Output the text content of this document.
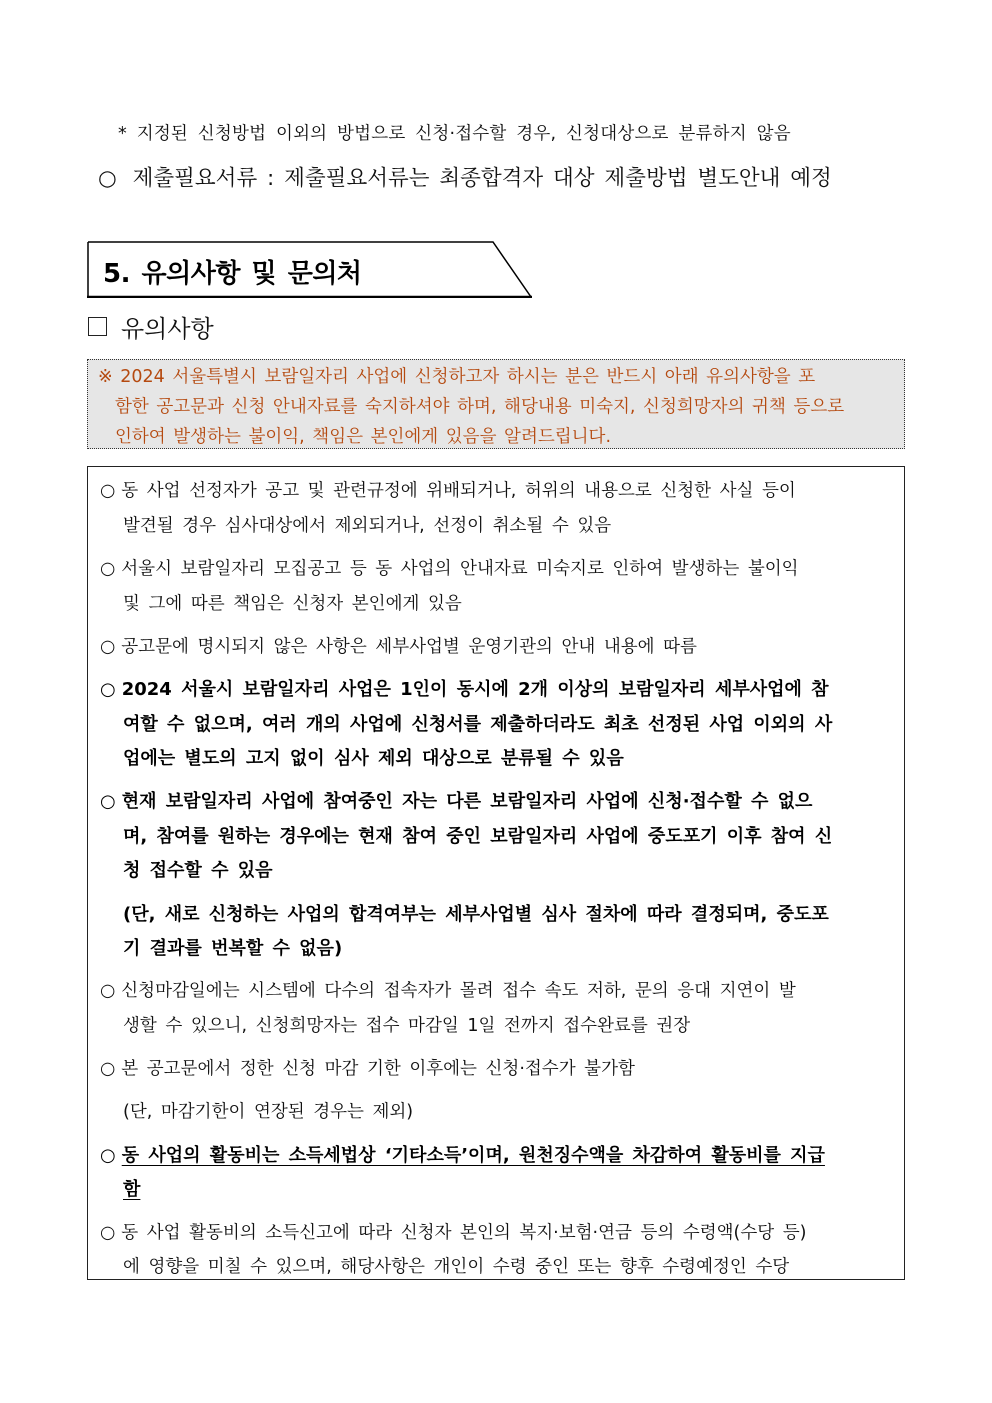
* 지정된 신청방법 이외의 방법으로 신청·접수할 경우, 신청대상으로 분류하지 않음
○ 제출필요서류 : 제출필요서류는 최종합격자 대상 제출방법 별도안내 예정
5. 유의사항 및 문의처
유의사항
※ 2024 서울특별시 보람일자리 사업에 신청하고자 하시는 분은 반드시 아래 유의사항을 포
함한 공고문과 신청 안내자료를 숙지하셔야 하며, 해당내용 미숙지, 신청희망자의 귀책 등으로
인하여 발생하는 불이익, 책임은 본인에게 있음을 알려드립니다.
○ 동 사업 선정자가 공고 및 관련규정에 위배되거나, 허위의 내용으로 신청한 사실 등이
발견될 경우 심사대상에서 제외되거나, 선정이 취소될 수 있음
○ 서울시 보람일자리 모집공고 등 동 사업의 안내자료 미숙지로 인하여 발생하는 불이익
및 그에 따른 책임은 신청자 본인에게 있음
○ 공고문에 명시되지 않은 사항은 세부사업별 운영기관의 안내 내용에 따름
○ 2024 서울시 보람일자리 사업은 1인이 동시에 2개 이상의 보람일자리 세부사업에 참
여할 수 없으며, 여러 개의 사업에 신청서를 제출하더라도 최초 선정된 사업 이외의 사
업에는 별도의 고지 없이 심사 제외 대상으로 분류될 수 있음
○ 현재 보람일자리 사업에 참여중인 자는 다른 보람일자리 사업에 신청·접수할 수 없으
며, 참여를 원하는 경우에는 현재 참여 중인 보람일자리 사업에 중도포기 이후 참여 신
청 접수할 수 있음
(단, 새로 신청하는 사업의 합격여부는 세부사업별 심사 절차에 따라 결정되며, 중도포
기 결과를 번복할 수 없음)
○ 신청마감일에는 시스템에 다수의 접속자가 몰려 접수 속도 저하, 문의 응대 지연이 발
생할 수 있으니, 신청희망자는 접수 마감일 1일 전까지 접수완료를 권장
○ 본 공고문에서 정한 신청 마감 기한 이후에는 신청·접수가 불가함
(단, 마감기한이 연장된 경우는 제외)
○ 동 사업의 활동비는 소득세법상 ‘기타소득’이며, 원천징수액을 차감하여 활동비를 지급
함
○ 동 사업 활동비의 소득신고에 따라 신청자 본인의 복지·보험·연금 등의 수령액(수당 등)
에 영향을 미칠 수 있으며, 해당사항은 개인이 수령 중인 또는 향후 수령예정인 수당
